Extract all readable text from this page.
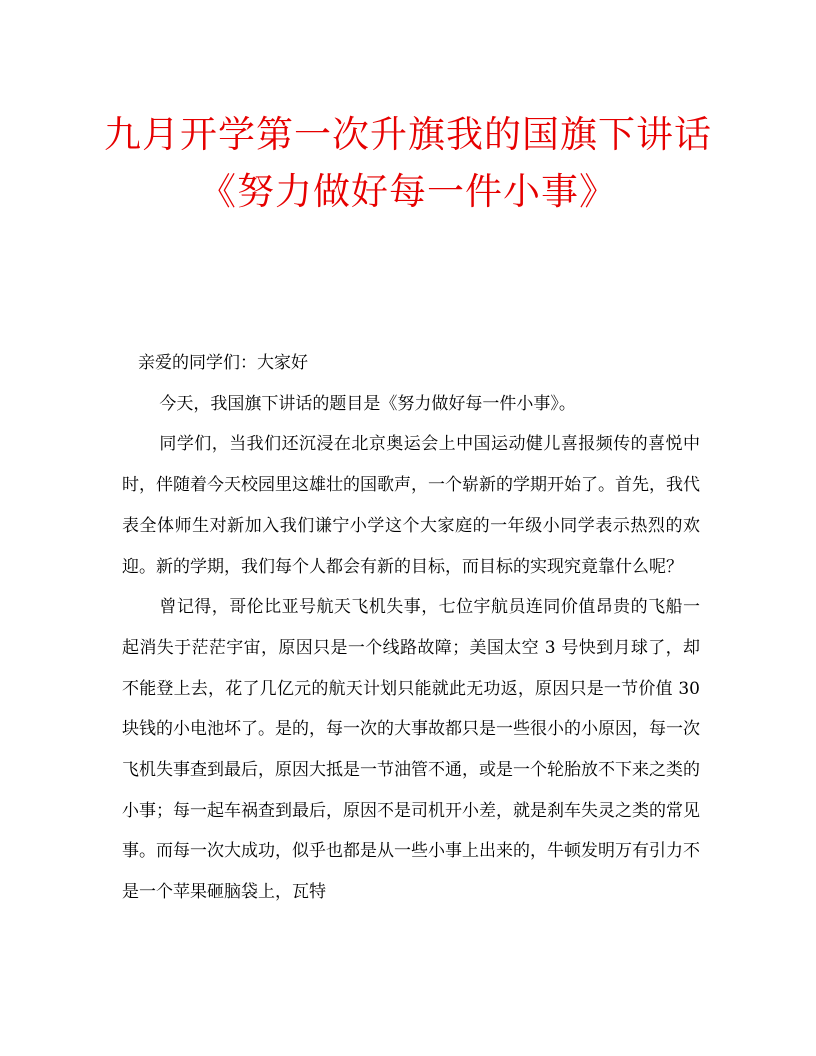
九月开学第一次升旗我的国旗下讲话
《努力做好每一件小事》

亲爱的同学们：大家好

今天，我国旗下讲话的题目是《努力做好每一件小事》。

同学们，当我们还沉浸在北京奥运会上中国运动健儿喜报频传的喜悦中时，伴随着今天校园里这雄壮的国歌声，一个崭新的学期开始了。首先，我代表全体师生对新加入我们谦宁小学这个大家庭的一年级小同学表示热烈的欢迎。新的学期，我们每个人都会有新的目标，而目标的实现究竟靠什么呢？

曾记得，哥伦比亚号航天飞机失事，七位宇航员连同价值昂贵的飞船一起消失于茫茫宇宙，原因只是一个线路故障；美国太空 3 号快到月球了，却不能登上去，花了几亿元的航天计划只能就此无功返，原因只是一节价值 30 块钱的小电池坏了。是的，每一次的大事故都只是一些很小的小原因，每一次飞机失事查到最后，原因大抵是一节油管不通，或是一个轮胎放不下来之类的小事；每一起车祸查到最后，原因不是司机开小差，就是刹车失灵之类的常见事。而每一次大成功，似乎也都是从一些小事上出来的，牛顿发明万有引力不是一个苹果砸脑袋上，瓦特
